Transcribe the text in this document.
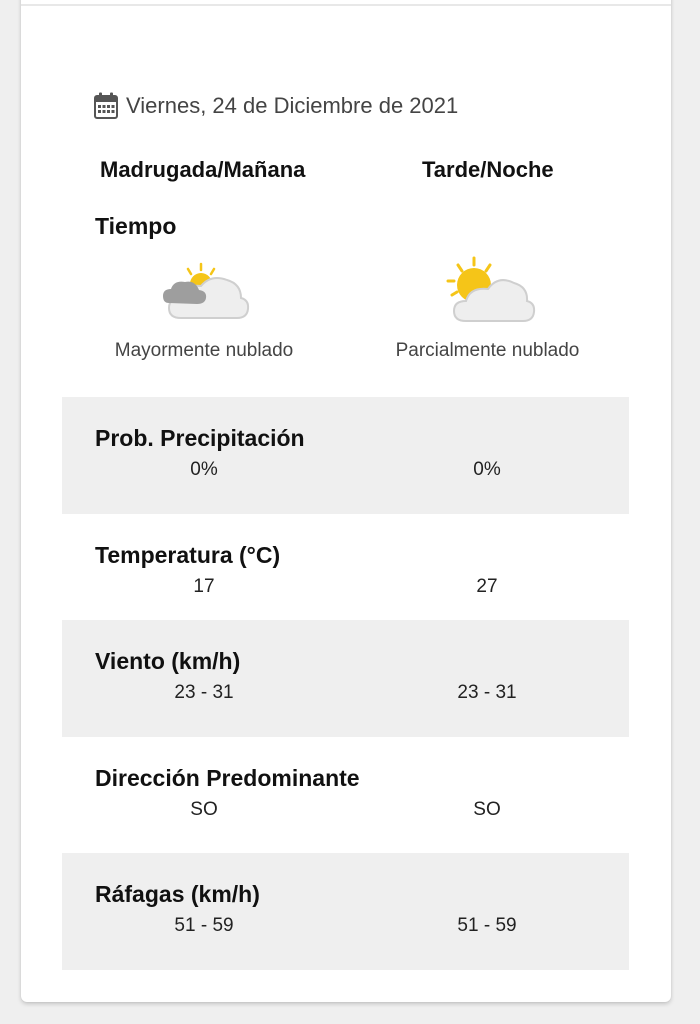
Viernes, 24 de Diciembre de 2021
Madrugada/Mañana	Tarde/Noche
Tiempo
Mayormente nublado	Parcialmente nublado
Prob. Precipitación
0%	0%
Temperatura (°C)
17	27
Viento (km/h)
23 - 31	23 - 31
Dirección Predominante
SO	SO
Ráfagas (km/h)
51 - 59	51 - 59
